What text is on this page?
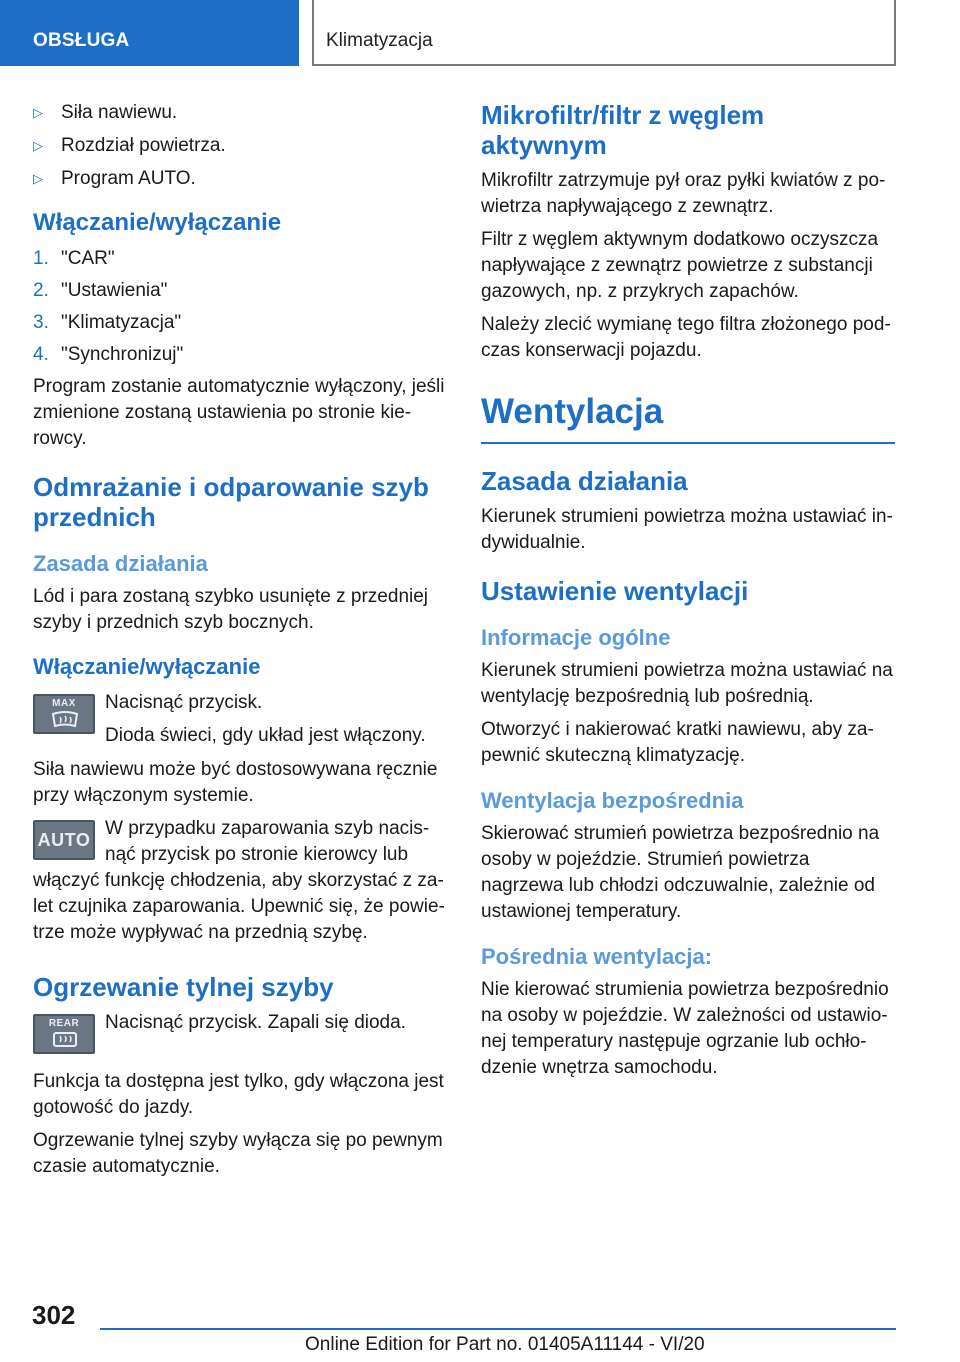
OBSŁUGA	Klimatyzacja
▷ Siła nawiewu.
▷ Rozdział powietrza.
▷ Program AUTO.
Włączanie/wyłączanie
1. "CAR"
2. "Ustawienia"
3. "Klimatyzacja"
4. "Synchronizuj"

Program zostanie automatycznie wyłączony, jeśli zmienione zostaną ustawienia po stronie kierowcy.

Odmrażanie i odparowanie szyb przednich
Zasada działania

Lód i para zostaną szybko usunięte z przedniej szyby i przednich szyb bocznych.

Włączanie/wyłączanie
MAX	Nacisnąć przycisk.

Dioda świeci, gdy układ jest włączony.

Siła nawiewu może być dostosowywana ręcznie przy włączonym systemie.

AUTO

W przypadku zaparowania szyb nacisnąć przycisk po stronie kierowcy lub włączyć funkcję chłodzenia, aby skorzystać z zalet czujnika zaparowania. Upewnić się, że powietrze może wypływać na przednią szybę.

Ogrzewanie tylnej szyby
REAR	Nacisnąć przycisk. Zapali się dioda.
Funkcja ta dostępna jest tylko, gdy włączona jest gotowość do jazdy.

Ogrzewanie tylnej szyby wyłącza się po pewnym czasie automatycznie.

Mikrofiltr/filtr z węglem aktywnym

Mikrofiltr zatrzymuje pył oraz pyłki kwiatów z powietrza napływającego z zewnątrz.

Filtr z węglem aktywnym dodatkowo oczyszcza napływające z zewnątrz powietrze z substancji gazowych, np. z przykrych zapachów.

Należy zlecić wymianę tego filtra złożonego podczas konserwacji pojazdu.

Wentylacja
Zasada działania

Kierunek strumieni powietrza można ustawiać indywidualnie.

Ustawienie wentylacji
Informacje ogólne

Kierunek strumieni powietrza można ustawiać na wentylację bezpośrednią lub pośrednią.

Otworzyć i nakierować kratki nawiewu, aby zapewnić skuteczną klimatyzację.

Wentylacja bezpośrednia

Skierować strumień powietrza bezpośrednio na osoby w pojeździe. Strumień powietrza nagrzewa lub chłodzi odczuwalnie, zależnie od ustawionej temperatury.

Pośrednia wentylacja:

Nie kierować strumienia powietrza bezpośrednio na osoby w pojeździe. W zależności od ustawionej temperatury następuje ogrzanie lub ochłodzenie wnętrza samochodu.

302
Online Edition for Part no. 01405A11144 - VI/20
